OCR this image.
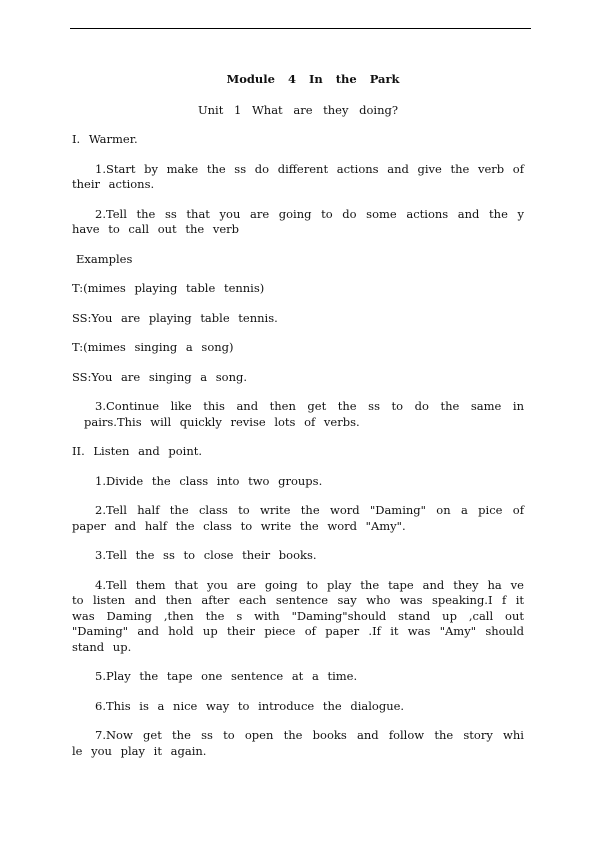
Module 4 In the Park
Unit 1 What are they doing?
I. Warmer.
1.Start by make the ss do different actions and give the verb of their actions.
2.Tell the ss that you are going to do some actions and the y have to call out the verb
Examples
T:(mimes playing table tennis)
SS:You are playing table tennis.
T:(mimes singing a song)
SS:You are singing a song.
3.Continue like this and then get the ss to do the same in pairs.This will quickly revise lots of verbs.
II. Listen and point.
1.Divide the class into two groups.
2.Tell half the class to write the word "Daming" on a pice of paper and half the class to write the word "Amy".
3.Tell the ss to close their books.
4.Tell them that you are going to play the tape and they ha ve to listen and then after each sentence say who was speaking.I f it was Daming ,then the s with "Daming"should stand up ,call out "Daming" and hold up their piece of paper .If it was "Amy" should stand up.
5.Play the tape one sentence at a time.
6.This is a nice way to introduce the dialogue.
7.Now get the ss to open the books and follow the story whi le you play it again.
